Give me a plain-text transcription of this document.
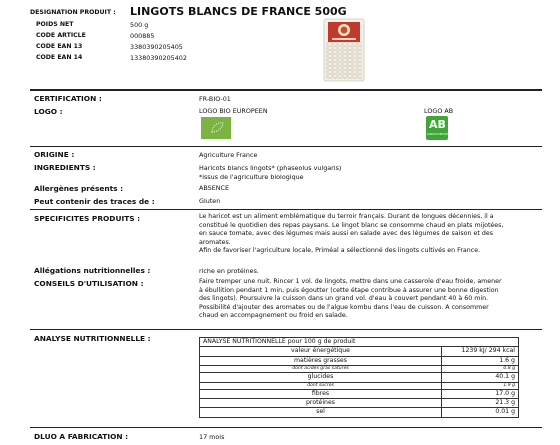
DESIGNATION PRODUIT : LINGOTS BLANCS DE FRANCE 500G
POIDS NET	500 g
CODE ARTICLE	000885
CODE EAN 13	3380390205405
CODE EAN 14	13380390205402
CERTIFICATION :	FR-BIO-01
LOGO :	LOGO BIO EUROPEEN	LOGO AB
AB
AGRICULTURE BIOLOGIQUE
ORIGINE :	Agriculture France
INGREDIENTS :	Haricots blancs lingots* (phaseolus vulgaris)
*issus de l'agriculture biologique
Allergènes présents :	ABSENCE
Peut contenir des traces de :	Gluten
SPECIFICITES PRODUITS :	Le haricot est un aliment emblématique du terroir français. Durant de longues décennies, il a

constitué le quotidien des repas paysans. Le lingot blanc se consomme chaud en plats mijotées,

en sauce tomate, avec des légumes mais aussi en salade avec des légumes de saison et des

aromates.

Afin de favoriser l'agriculture locale, Priméal a sélectionné des lingots cultivés en France.

Allégations nutritionnelles :	riche en protéines.
CONSEILS D'UTILISATION :	Faire tremper une nuit. Rincer 1 vol. de lingots, mettre dans une casserole d'eau froide, amener

à ébullition pendant 1 min, puis égoutter (cette étape contribue à assurer une bonne digestion

des lingots). Poursuivre la cuisson dans un grand vol. d'eau à couvert pendant 40 à 60 min.

Possibilité d'ajouter des aromates ou de l'algue kombu dans l'eau de cuisson. A consommer

chaud en accompagnement ou froid en salade.

ANALYSE NUTRITIONNELLE :	ANALYSE NUTRITIONNELLE pour 100 g de produit	
valeur énergétique	1239 kJ/ 294 kcal
matières grasses	1.6 g
dont acides gras saturés	0.8 g
glucides	40.1 g
dont sucres	1.9 g
fibres	17.0 g
protéines	21.3 g
sel	0.01 g
DLUO A FABRICATION :	17 mois
